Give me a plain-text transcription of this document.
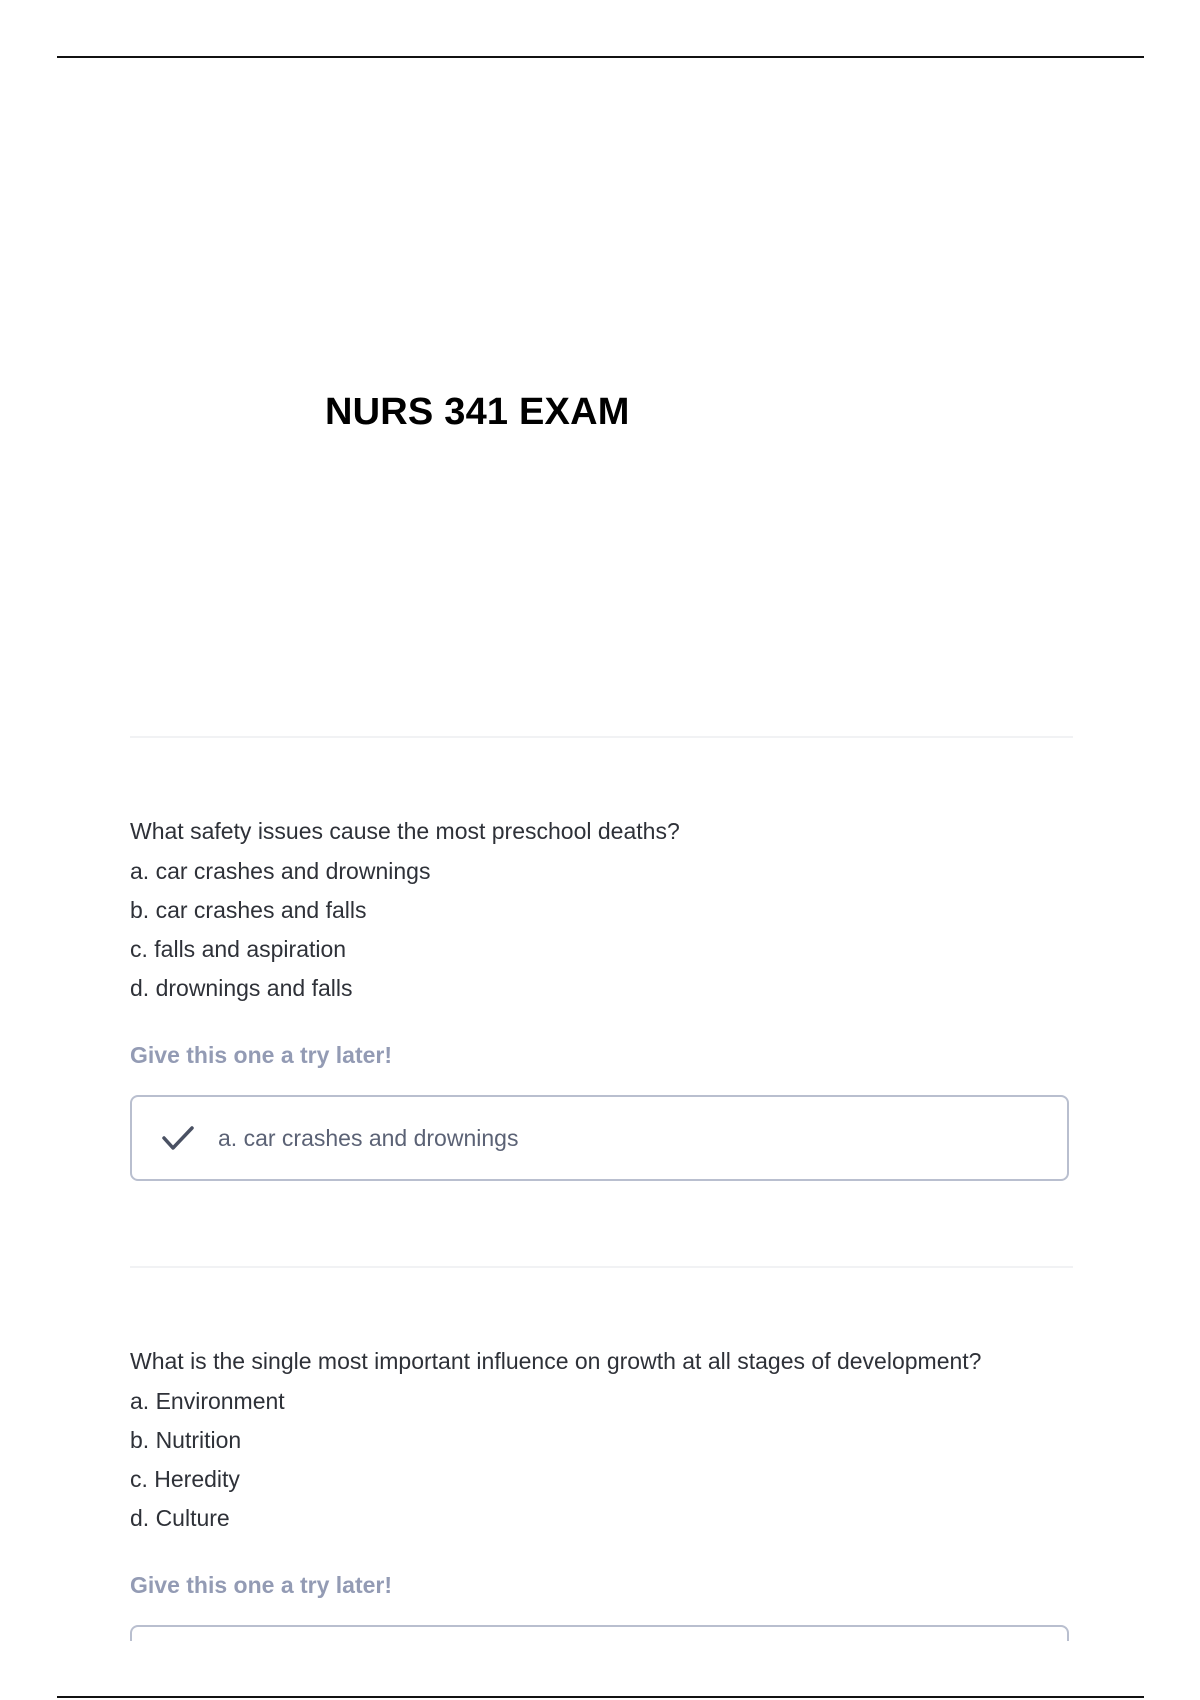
NURS 341 EXAM

What safety issues cause the most preschool deaths?

a. car crashes and drownings
b. car crashes and falls
c. falls and aspiration
d. drownings and falls

Give this one a try later!

a. car crashes and drownings

What is the single most important influence on growth at all stages of development?

a. Environment
b. Nutrition
c. Heredity
d. Culture

Give this one a try later!
